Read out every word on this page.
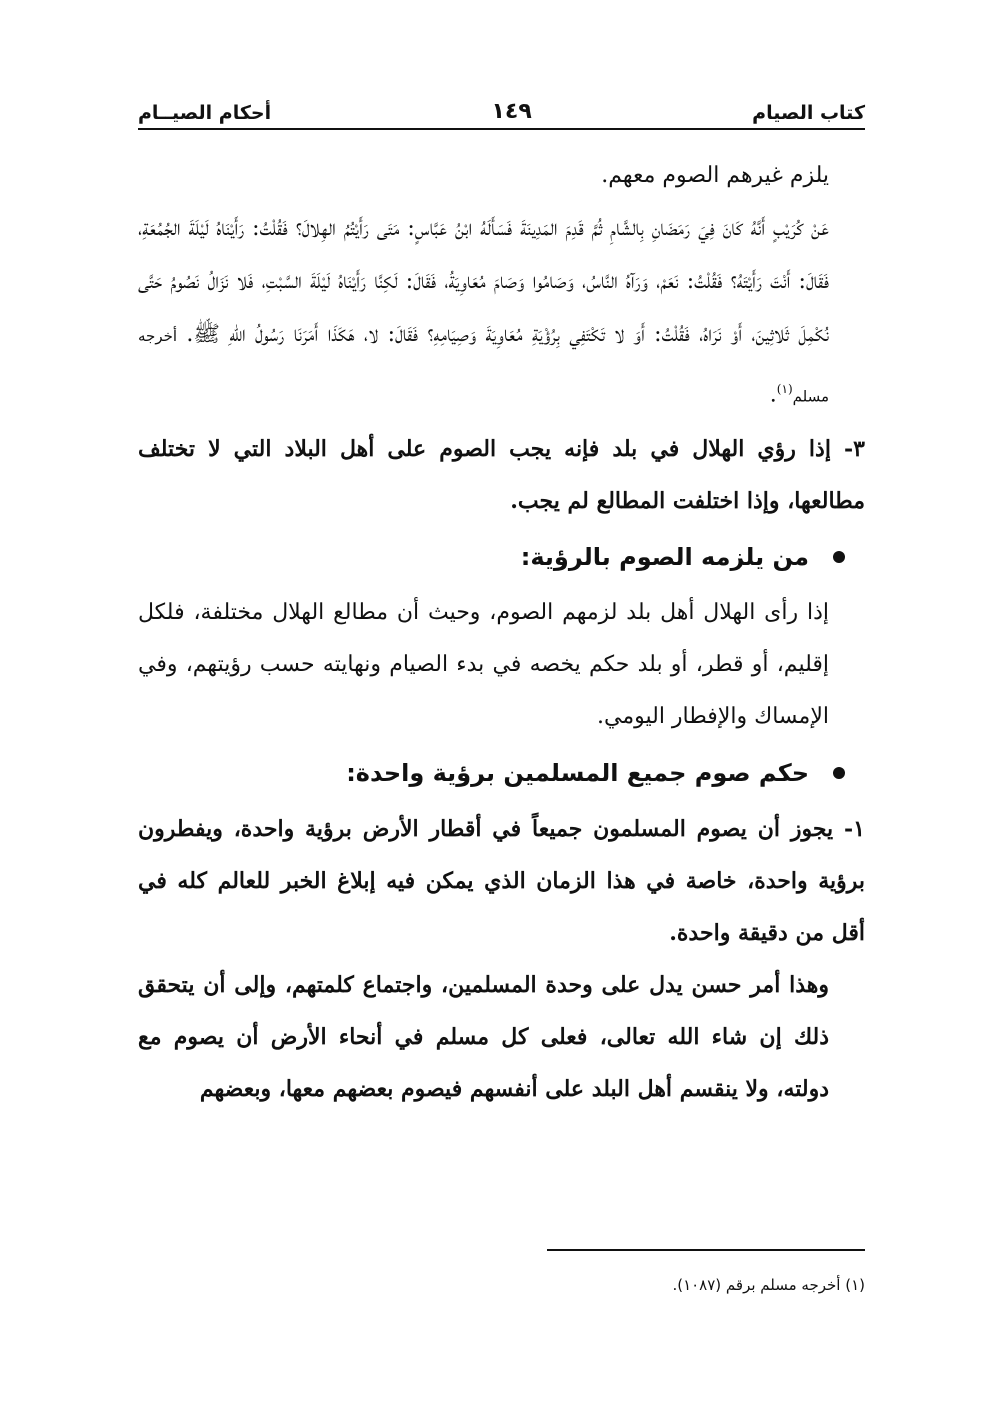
كتاب الصيام
١٤٩
أحكام الصيــام

يلزم غيرهم الصوم معهم.

عَنْ كُرَيْبٍ أَنَّهُ كَانَ فِيَ رَمَضَانِ بِالشَّامِ ثُمَّ قَدِمَ المَدِينَةَ فَسَأَلَهُ ابْنُ عَبَّاسٍ: مَتَى رَأَيْتُمُ الهِلالَ؟ فَقُلْتُ: رَأَيْنَاهُ لَيْلَةَ الجُمُعَةِ، فَقَالَ: أَنْتَ رَأَيْتَهُ؟ فَقُلْتُ: نَعَمْ، وَرَآهُ النَّاسُ، وَصَامُوا وَصَامَ مُعَاوِيَةُ، فَقَالَ: لَكِنَّا رَأَيْنَاهُ لَيْلَةَ السَّبْتِ، فَلا نَزَالُ نَصُومُ حَتَّى نُكْمِلَ ثَلاثِينَ، أَوْ نَرَاهُ، فَقُلْتُ: أَوَ لا تَكْتَفِي بِرُؤْيَةِ مُعَاوِيَةَ وَصِيَامِهِ؟ فَقَالَ: لا، هَكَذَا أَمَرَنَا رَسُولُ اللهِ ﷺ. أخرجه مسلم$^{(١)}$.

٣- إذا رؤي الهلال في بلد فإنه يجب الصوم على أهل البلاد التي لا تختلف مطالعها، وإذا اختلفت المطالع لم يجب.

من يلزمه الصوم بالرؤية:

إذا رأى الهلال أهل بلد لزمهم الصوم، وحيث أن مطالع الهلال مختلفة، فلكل إقليم، أو قطر، أو بلد حكم يخصه في بدء الصيام ونهايته حسب رؤيتهم، وفي الإمساك والإفطار اليومي.

حكم صوم جميع المسلمين برؤية واحدة:

١- يجوز أن يصوم المسلمون جميعاً في أقطار الأرض برؤية واحدة، ويفطرون برؤية واحدة، خاصة في هذا الزمان الذي يمكن فيه إبلاغ الخبر للعالم كله في أقل من دقيقة واحدة.

وهذا أمر حسن يدل على وحدة المسلمين، واجتماع كلمتهم، وإلى أن يتحقق ذلك إن شاء الله تعالى، فعلى كل مسلم في أنحاء الأرض أن يصوم مع دولته، ولا ينقسم أهل البلد على أنفسهم فيصوم بعضهم معها، وبعضهم

(١) أخرجه مسلم برقم (١٠٨٧).
